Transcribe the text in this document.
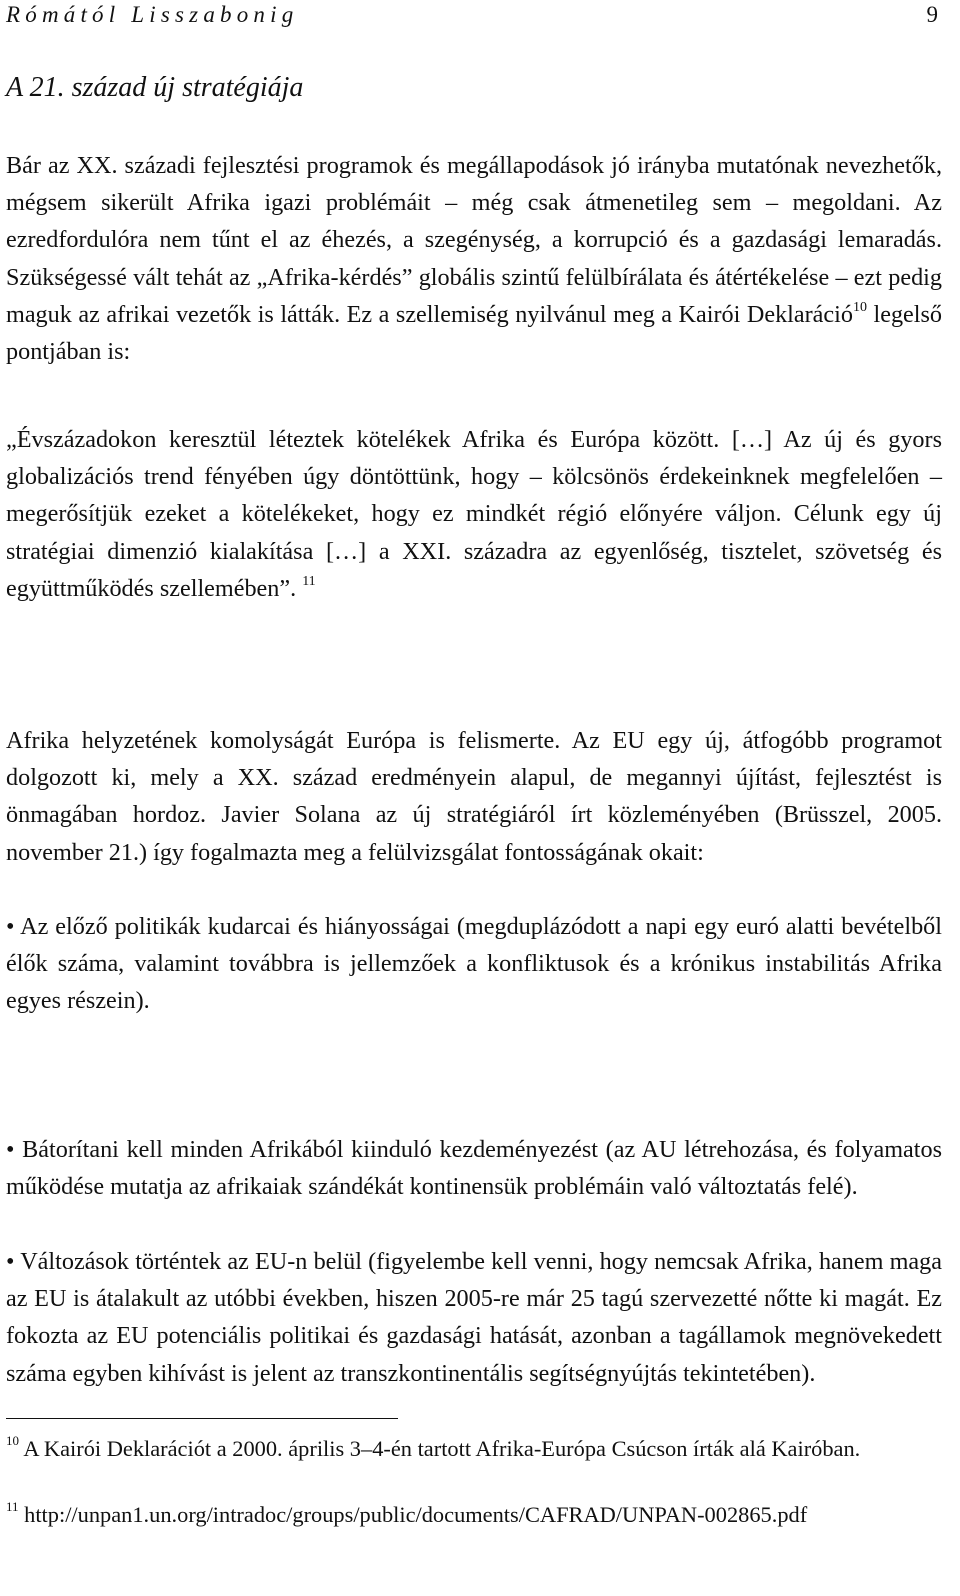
Rómától Lisszabonig	9
A 21. század új stratégiája

Bár az XX. századi fejlesztési programok és megállapodások jó irányba mutatónak nevezhetők, mégsem sikerült Afrika igazi problémáit – még csak átmenetileg sem – megoldani. Az ezredfordulóra nem tűnt el az éhezés, a szegénység, a korrupció és a gazdasági lemaradás. Szükségessé vált tehát az „Afrika-kérdés” globális szintű felülbírálata és átértékelése – ezt pedig maguk az afrikai vezetők is látták. Ez a szellemiség nyilvánul meg a Kairói Deklaráció$^{10}$ legelső pontjában is:

„Évszázadokon keresztül léteztek kötelékek Afrika és Európa között. […] Az új és gyors globalizációs trend fényében úgy döntöttünk, hogy – kölcsönös érdekeinknek megfelelően – megerősítjük ezeket a kötelékeket, hogy ez mindkét régió előnyére váljon. Célunk egy új stratégiai dimenzió kialakítása […] a XXI. századra az egyenlőség, tisztelet, szövetség és együttműködés szellemében”. $^{11}$

Afrika helyzetének komolyságát Európa is felismerte. Az EU egy új, átfogóbb programot dolgozott ki, mely a XX. század eredményein alapul, de megannyi újítást, fejlesztést is önmagában hordoz. Javier Solana az új stratégiáról írt közleményében (Brüsszel, 2005. november 21.) így fogalmazta meg a felülvizsgálat fontosságának okait:

• Az előző politikák kudarcai és hiányosságai (megduplázódott a napi egy euró alatti bevételből élők száma, valamint továbbra is jellemzőek a konfliktusok és a krónikus instabilitás Afrika egyes részein).

• Bátorítani kell minden Afrikából kiinduló kezdeményezést (az AU létrehozása, és folyamatos működése mutatja az afrikaiak szándékát kontinensük problémáin való változtatás felé).

• Változások történtek az EU-n belül (figyelembe kell venni, hogy nemcsak Afrika, hanem maga az EU is átalakult az utóbbi években, hiszen 2005-re már 25 tagú szervezetté nőtte ki magát. Ez fokozta az EU potenciális politikai és gazdasági hatását, azonban a tagállamok megnövekedett száma egyben kihívást is jelent az transzkontinentális segítségnyújtás tekintetében).

$^{10}$ A Kairói Deklarációt a 2000. április 3–4-én tartott Afrika-Európa Csúcson írták alá Kairóban.

$^{11}$ http://unpan1.un.org/intradoc/groups/public/documents/CAFRAD/UNPAN-002865.pdf
